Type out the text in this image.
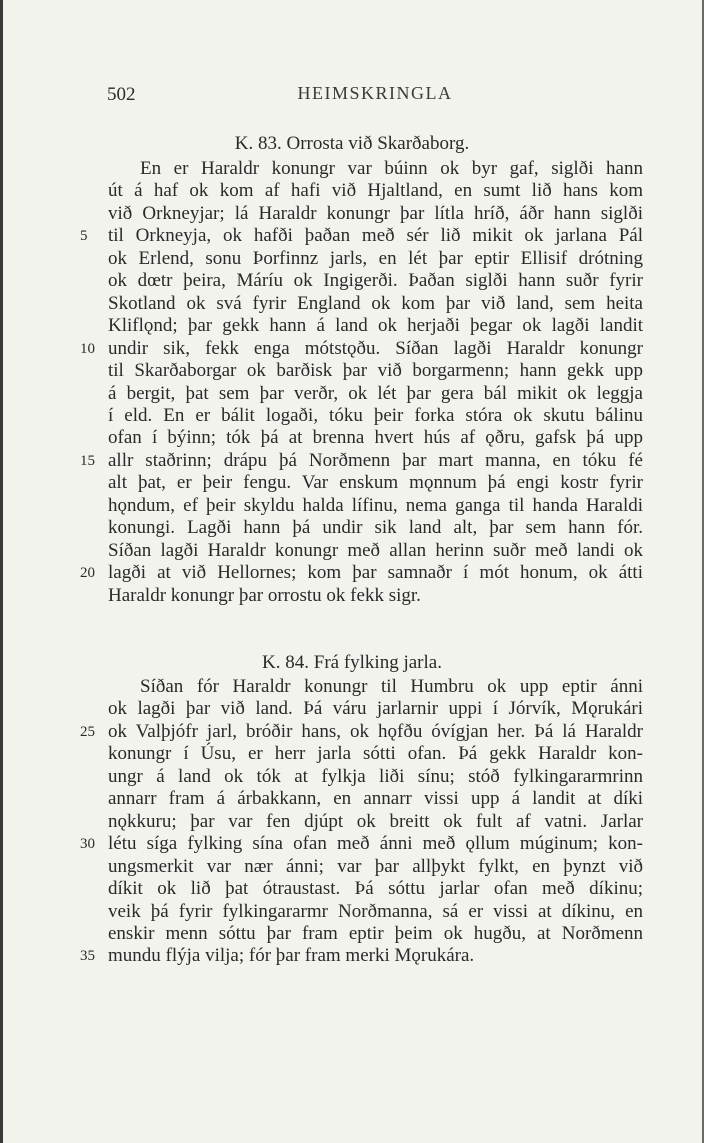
502	HEIMSKRINGLA
K. 83. Orrosta við Skarðaborg.
En er Haraldr konungr var búinn ok byr gaf, siglði hann
út á haf ok kom af hafi við Hjaltland, en sumt lið hans kom
við Orkneyjar; lá Haraldr konungr þar lítla hríð, áðr hann siglði
til Orkneyja, ok hafði þaðan með sér lið mikit ok jarlana Pál
5
ok Erlend, sonu Þorfinnz jarls, en lét þar eptir Ellisif drótning
ok dœtr þeira, Máríu ok Ingigerði. Þaðan siglði hann suðr fyrir
Skotland ok svá fyrir England ok kom þar við land, sem heita
Kliflǫnd; þar gekk hann á land ok herjaði þegar ok lagði landit
undir sik, fekk enga mótstǫðu. Síðan lagði Haraldr konungr
10
til Skarðaborgar ok barðisk þar við borgarmenn; hann gekk upp
á bergit, þat sem þar verðr, ok lét þar gera bál mikit ok leggja
í eld. En er bálit logaði, tóku þeir forka stóra ok skutu bálinu
ofan í býinn; tók þá at brenna hvert hús af ǫðru, gafsk þá upp
allr staðrinn; drápu þá Norðmenn þar mart manna, en tóku fé
15
alt þat, er þeir fengu. Var enskum mǫnnum þá engi kostr fyrir
hǫndum, ef þeir skyldu halda lífinu, nema ganga til handa Haraldi
konungi. Lagði hann þá undir sik land alt, þar sem hann fór.
Síðan lagði Haraldr konungr með allan herinn suðr með landi ok
lagði at við Hellornes; kom þar samnaðr í mót honum, ok átti
20
Haraldr konungr þar orrostu ok fekk sigr.
K. 84. Frá fylking jarla.
Síðan fór Haraldr konungr til Humbru ok upp eptir ánni
ok lagði þar við land. Þá váru jarlarnir uppi í Jórvík, Mǫrukári
ok Valþjófr jarl, bróðir hans, ok hǫfðu óvígjan her. Þá lá Haraldr
25
konungr í Úsu, er herr jarla sótti ofan. Þá gekk Haraldr kon-
ungr á land ok tók at fylkja liði sínu; stóð fylkingararmrinn
annarr fram á árbakkann, en annarr vissi upp á landit at díki
nǫkkuru; þar var fen djúpt ok breitt ok fult af vatni. Jarlar
létu síga fylking sína ofan með ánni með ǫllum múginum; kon-
30
ungsmerkit var nær ánni; var þar allþykt fylkt, en þynzt við
díkit ok lið þat ótraustast. Þá sóttu jarlar ofan með díkinu;
veik þá fyrir fylkingararmr Norðmanna, sá er vissi at díkinu, en
enskir menn sóttu þar fram eptir þeim ok hugðu, at Norðmenn
mundu flýja vilja; fór þar fram merki Mǫrukára.
35
